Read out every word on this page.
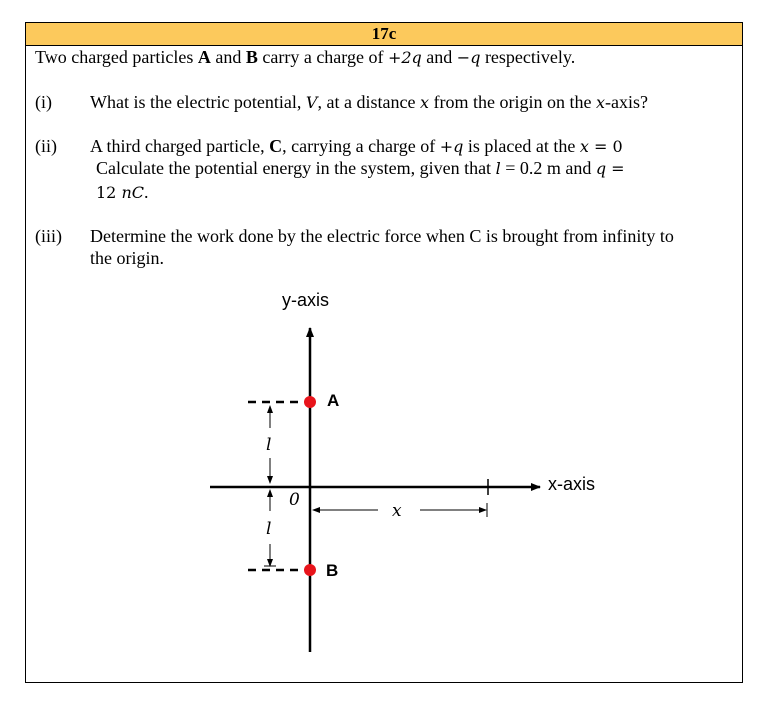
17c
Two charged particles A and B carry a charge of +2q and −q respectively.
(i) What is the electric potential, V, at a distance x from the origin on the x-axis?
(ii) A third charged particle, C, carrying a charge of +q is placed at the x = 0
Calculate the potential energy in the system, given that l = 0.2 m and q =
12 nC.
(iii) Determine the work done by the electric force when C is brought from infinity to
the origin.
y-axis
x-axis
0
A
B
l
l
x
